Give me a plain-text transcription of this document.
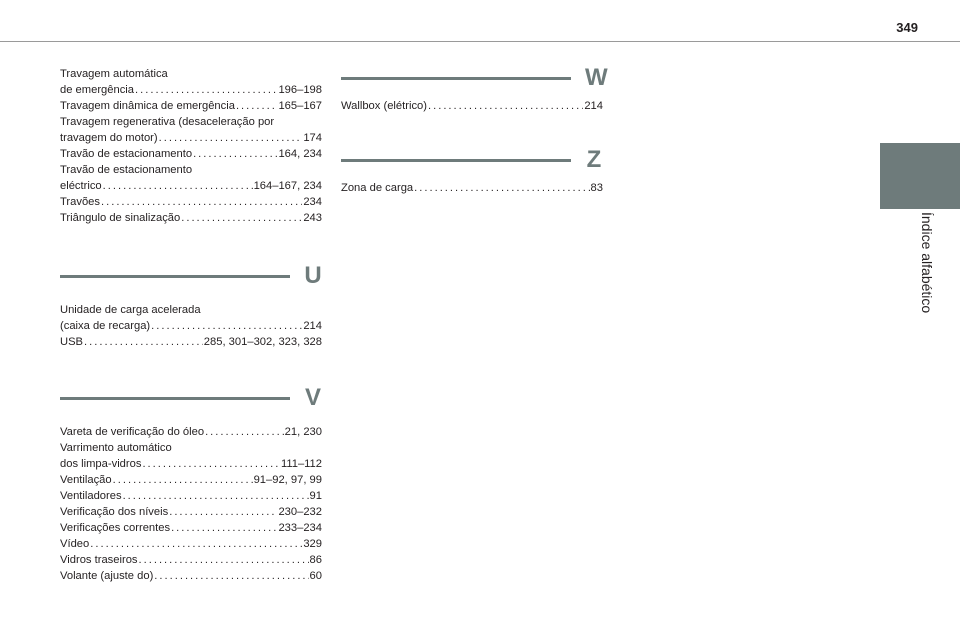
349
Índice alfabético
Travagem automática
de emergência .....	196–198
Travagem dinâmica de emergência .....	165–167
Travagem regenerativa (desaceleração por
travagem do motor) .....	174
Travão de estacionamento .....	164, 234
Travão de estacionamento
eléctrico .....	164–167, 234
Travões .....	234
Triângulo de sinalização .....	243
U
Unidade de carga acelerada
(caixa de recarga) .....	214
USB .....	285, 301–302, 323, 328
V
Vareta de verificação do óleo .....	21, 230
Varrimento automático
dos limpa-vidros .....	111–112
Ventilação .....	91–92, 97, 99
Ventiladores .....	91
Verificação dos níveis .....	230–232
Verificações correntes .....	233–234
Vídeo .....	329
Vidros traseiros .....	86
Volante (ajuste do) .....	60
W
Wallbox (elétrico) .....	214
Z
Zona de carga .....	83
